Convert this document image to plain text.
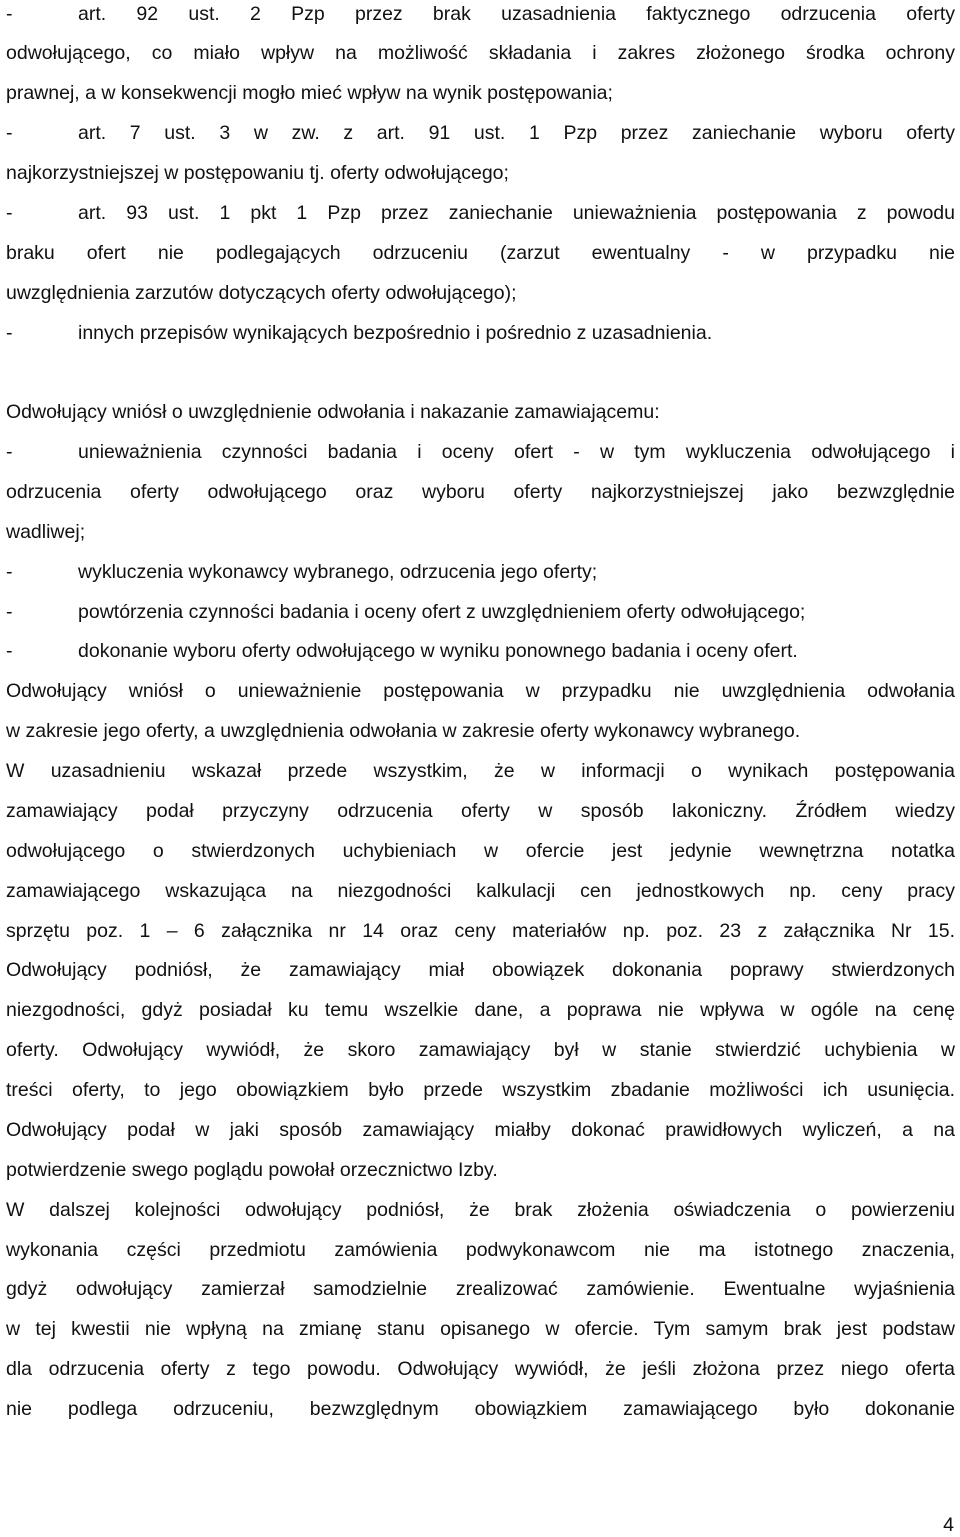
-	art. 92 ust. 2 Pzp przez brak uzasadnienia faktycznego odrzucenia oferty
odwołującego, co miało wpływ na możliwość składania i zakres złożonego środka ochrony
prawnej, a w konsekwencji mogło mieć wpływ na wynik postępowania;
-	art. 7 ust. 3 w zw. z art. 91 ust. 1 Pzp przez zaniechanie wyboru oferty
najkorzystniejszej w postępowaniu tj. oferty odwołującego;
-	art. 93 ust. 1 pkt 1 Pzp przez zaniechanie unieważnienia postępowania z powodu
braku ofert nie podlegających odrzuceniu (zarzut ewentualny - w przypadku nie
uwzględnienia zarzutów dotyczących oferty odwołującego);
-	innych przepisów wynikających bezpośrednio i pośrednio z uzasadnienia.
Odwołujący wniósł o uwzględnienie odwołania i nakazanie zamawiającemu:
-	unieważnienia czynności badania i oceny ofert - w tym wykluczenia odwołującego i
odrzucenia oferty odwołującego oraz wyboru oferty najkorzystniejszej jako bezwzględnie
wadliwej;
-	wykluczenia wykonawcy wybranego, odrzucenia jego oferty;
-	powtórzenia czynności badania i oceny ofert z uwzględnieniem oferty odwołującego;
-	dokonanie wyboru oferty odwołującego w wyniku ponownego badania i oceny ofert.
Odwołujący wniósł o unieważnienie postępowania w przypadku nie uwzględnienia odwołania
w zakresie jego oferty, a uwzględnienia odwołania w zakresie oferty wykonawcy wybranego.
W uzasadnieniu wskazał przede wszystkim, że w informacji o wynikach postępowania
zamawiający podał przyczyny odrzucenia oferty w sposób lakoniczny. Źródłem wiedzy
odwołującego o stwierdzonych uchybieniach w ofercie jest jedynie wewnętrzna notatka
zamawiającego wskazująca na niezgodności kalkulacji cen jednostkowych np. ceny pracy
sprzętu poz. 1 – 6 załącznika nr 14 oraz ceny materiałów np. poz. 23 z załącznika Nr 15.
Odwołujący podniósł, że zamawiający miał obowiązek dokonania poprawy stwierdzonych
niezgodności, gdyż posiadał ku temu wszelkie dane, a poprawa nie wpływa w ogóle na cenę
oferty. Odwołujący wywiódł, że skoro zamawiający był w stanie stwierdzić uchybienia w
treści oferty, to jego obowiązkiem było przede wszystkim zbadanie możliwości ich usunięcia.
Odwołujący podał w jaki sposób zamawiający miałby dokonać prawidłowych wyliczeń, a na
potwierdzenie swego poglądu powołał orzecznictwo Izby.
W dalszej kolejności odwołujący podniósł, że brak złożenia oświadczenia o powierzeniu
wykonania części przedmiotu zamówienia podwykonawcom nie ma istotnego znaczenia,
gdyż odwołujący zamierzał samodzielnie zrealizować zamówienie. Ewentualne wyjaśnienia
w tej kwestii nie wpłyną na zmianę stanu opisanego w ofercie. Tym samym brak jest podstaw
dla odrzucenia oferty z tego powodu. Odwołujący wywiódł, że jeśli złożona przez niego oferta
nie podlega odrzuceniu, bezwzględnym obowiązkiem zamawiającego było dokonanie
4
